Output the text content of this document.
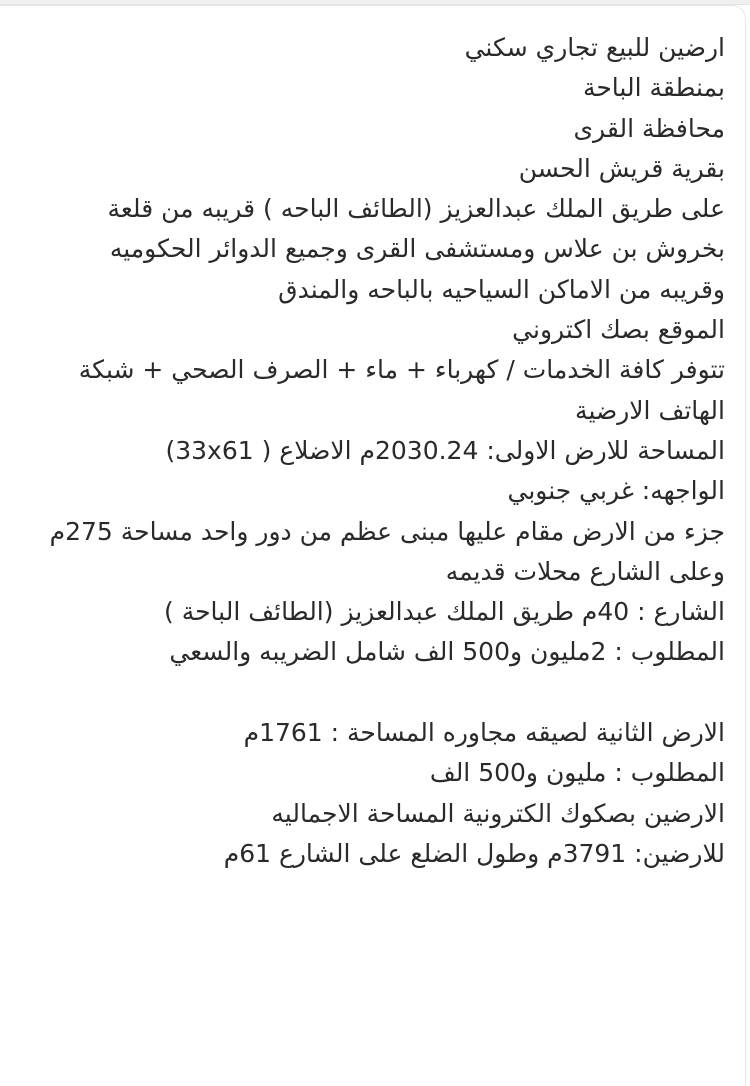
ارضين للبيع تجاري سكني
بمنطقة الباحة
محافظة القرى
بقرية قريش الحسن
على طريق الملك عبدالعزيز (الطائف الباحه ) قريبه من قلعة
بخروش بن علاس ومستشفى القرى وجميع الدوائر الحكوميه
وقريبه من الاماكن السياحيه بالباحه والمندق
الموقع بصك اكتروني
تتوفر كافة الخدمات / كهرباء + ماء + الصرف الصحي + شبكة
الهاتف الارضية
المساحة للارض الاولى: 2030.24م الاضلاع ( 33x61)
الواجهه: غربي جنوبي
جزء من الارض مقام عليها مبنى عظم من دور واحد مساحة 275م
وعلى الشارع محلات قديمه
الشارع : 40م طريق الملك عبدالعزيز (الطائف الباحة )
المطلوب : 2مليون و500 الف شامل الضريبه والسعي
الارض الثانية لصيقه مجاوره المساحة : 1761م
المطلوب : مليون و500 الف
الارضين بصكوك الكترونية المساحة الاجماليه
للارضين: 3791م وطول الضلع على الشارع 61م
